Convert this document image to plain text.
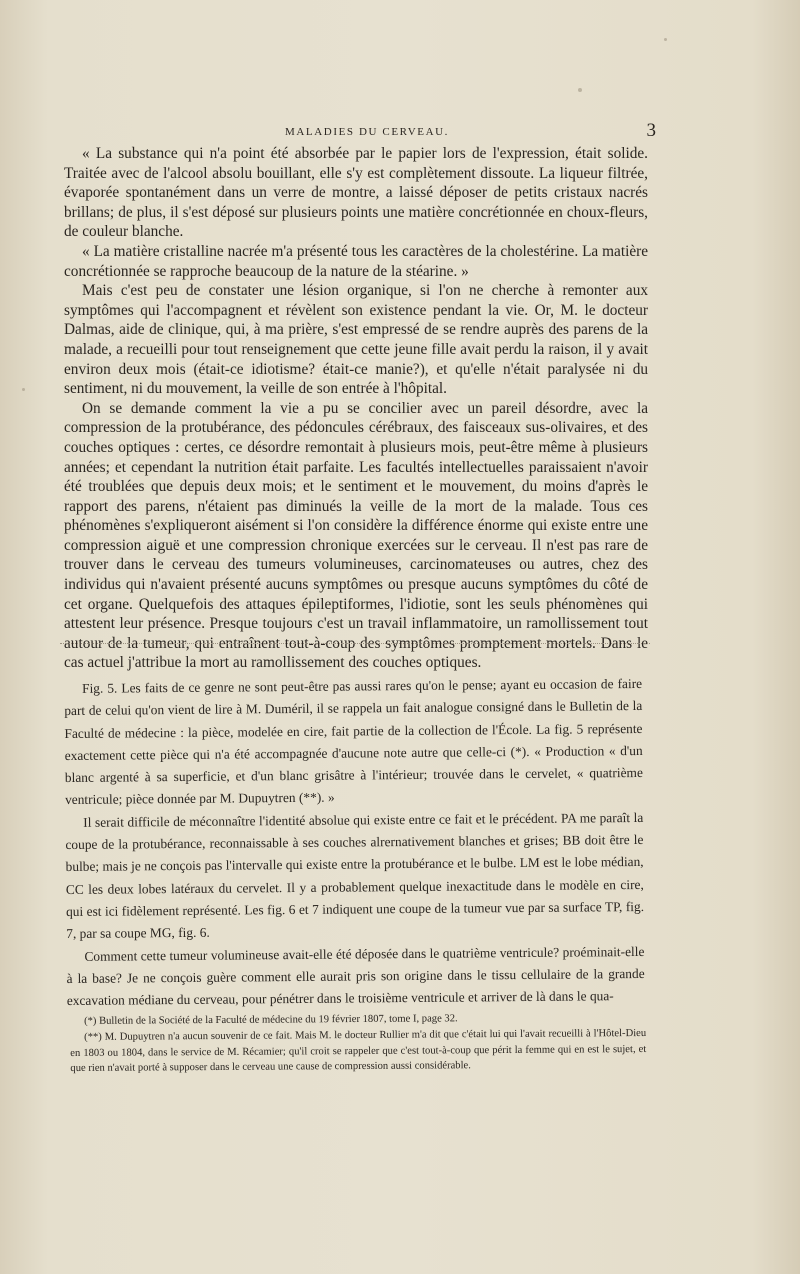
MALADIES DU CERVEAU.	3

« La substance qui n'a point été absorbée par le papier lors de l'expression, était solide. Traitée avec de l'alcool absolu bouillant, elle s'y est complètement dissoute. La liqueur filtrée, évaporée spontanément dans un verre de montre, a laissé déposer de petits cristaux nacrés brillans; de plus, il s'est déposé sur plusieurs points une matière concrétionnée en choux-fleurs, de couleur blanche.

« La matière cristalline nacrée m'a présenté tous les caractères de la cholestérine. La matière concrétionnée se rapproche beaucoup de la nature de la stéarine. »

Mais c'est peu de constater une lésion organique, si l'on ne cherche à remonter aux symptômes qui l'accompagnent et révèlent son existence pendant la vie. Or, M. le docteur Dalmas, aide de clinique, qui, à ma prière, s'est empressé de se rendre auprès des parens de la malade, a recueilli pour tout renseignement que cette jeune fille avait perdu la raison, il y avait environ deux mois (était-ce idiotisme? était-ce manie?), et qu'elle n'était paralysée ni du sentiment, ni du mouvement, la veille de son entrée à l'hôpital.

On se demande comment la vie a pu se concilier avec un pareil désordre, avec la compression de la protubérance, des pédoncules cérébraux, des faisceaux sus-olivaires, et des couches optiques : certes, ce désordre remontait à plusieurs mois, peut-être même à plusieurs années; et cependant la nutrition était parfaite. Les facultés intellectuelles paraissaient n'avoir été troublées que depuis deux mois; et le sentiment et le mouvement, du moins d'après le rapport des parens, n'étaient pas diminués la veille de la mort de la malade. Tous ces phénomènes s'expliqueront aisément si l'on considère la différence énorme qui existe entre une compression aiguë et une compression chronique exercées sur le cerveau. Il n'est pas rare de trouver dans le cerveau des tumeurs volumineuses, carcinomateuses ou autres, chez des individus qui n'avaient présenté aucuns symptômes ou presque aucuns symptômes du côté de cet organe. Quelquefois des attaques épileptiformes, l'idiotie, sont les seuls phénomènes qui attestent leur présence. Presque toujours c'est un travail inflammatoire, un ramollissement tout autour de la tumeur, qui entraînent tout-à-coup des symptômes promptement mortels. Dans le cas actuel j'attribue la mort au ramollissement des couches optiques.

Fig. 5. Les faits de ce genre ne sont peut-être pas aussi rares qu'on le pense; ayant eu occasion de faire part de celui qu'on vient de lire à M. Duméril, il se rappela un fait analogue consigné dans le Bulletin de la Faculté de médecine : la pièce, modelée en cire, fait partie de la collection de l'École. La fig. 5 représente exactement cette pièce qui n'a été accompagnée d'aucune note autre que celle-ci (*). « Production « d'un blanc argenté à sa superficie, et d'un blanc grisâtre à l'intérieur; trouvée dans le cervelet, « quatrième ventricule; pièce donnée par M. Dupuytren (**). »

Il serait difficile de méconnaître l'identité absolue qui existe entre ce fait et le précédent. PA me paraît la coupe de la protubérance, reconnaissable à ses couches alrernativement blanches et grises; BB doit être le bulbe; mais je ne conçois pas l'intervalle qui existe entre la protubérance et le bulbe. LM est le lobe médian, CC les deux lobes latéraux du cervelet. Il y a probablement quelque inexactitude dans le modèle en cire, qui est ici fidèlement représenté. Les fig. 6 et 7 indiquent une coupe de la tumeur vue par sa surface TP, fig. 7, par sa coupe MG, fig. 6.

Comment cette tumeur volumineuse avait-elle été déposée dans le quatrième ventricule? proéminait-elle à la base? Je ne conçois guère comment elle aurait pris son origine dans le tissu cellulaire de la grande excavation médiane du cerveau, pour pénétrer dans le troisième ventricule et arriver de là dans le qua-

(*) Bulletin de la Société de la Faculté de médecine du 19 février 1807, tome I, page 32.

(**) M. Dupuytren n'a aucun souvenir de ce fait. Mais M. le docteur Rullier m'a dit que c'était lui qui l'avait recueilli à l'Hôtel-Dieu en 1803 ou 1804, dans le service de M. Récamier; qu'il croit se rappeler que c'est tout-à-coup que périt la femme qui en est le sujet, et que rien n'avait porté à supposer dans le cerveau une cause de compression aussi considérable.
